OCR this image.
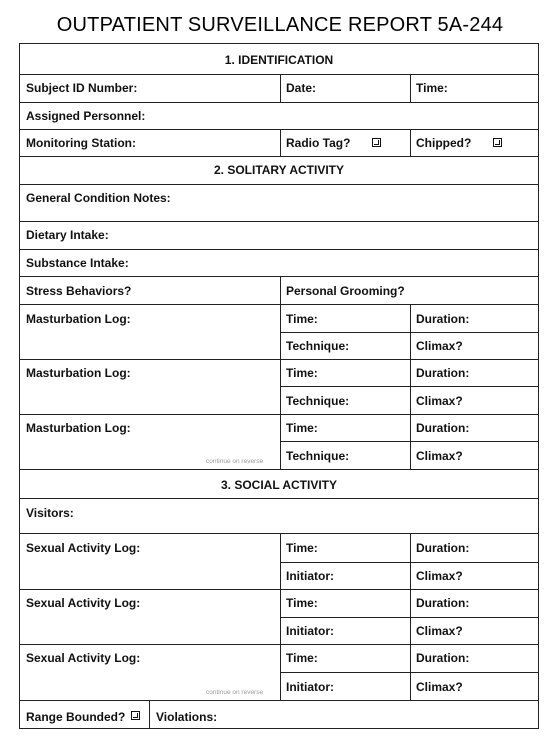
OUTPATIENT SURVEILLANCE REPORT 5A-244
1. IDENTIFICATION
Subject ID Number:	Date:	Time:
Assigned Personnel:
Monitoring Station:	Radio Tag?	Chipped?
2. SOLITARY ACTIVITY
General Condition Notes:
Dietary Intake:
Substance Intake:
Stress Behaviors?	Personal Grooming?
Masturbation Log:	Time:	Duration:
Technique:	Climax?
Masturbation Log:	Time:	Duration:
Technique:	Climax?
Masturbation Log:	Time:	Duration:
Technique:	Climax?
continue on reverse
3. SOCIAL ACTIVITY
Visitors:
Sexual Activity Log:	Time:	Duration:
Initiator:	Climax?
Sexual Activity Log:	Time:	Duration:
Initiator:	Climax?
Sexual Activity Log:	Time:	Duration:
Initiator:	Climax?
continue on reverse
Range Bounded?	Violations:
